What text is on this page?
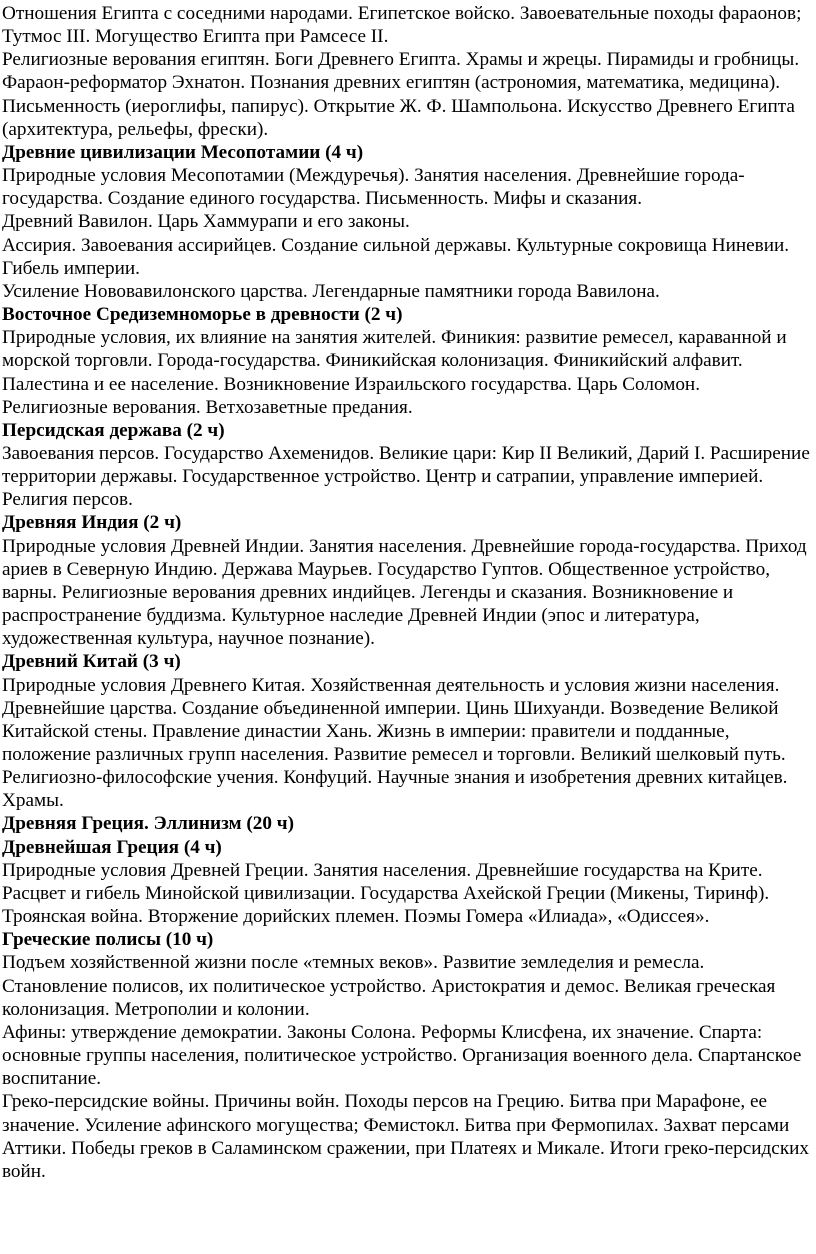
Отношения Египта с соседними народами. Египетское войско. Завоевательные походы фараонов; Тутмос III. Могущество Египта при Рамсесе II.

Религиозные верования египтян. Боги Древнего Египта. Храмы и жрецы. Пирамиды и гробницы. Фараон-реформатор Эхнатон. Познания древних египтян (астрономия, математика, медицина). Письменность (иероглифы, папирус). Открытие Ж. Ф. Шампольона. Искусство Древнего Египта (архитектура, рельефы, фрески).

Древние цивилизации Месопотамии (4 ч)

Природные условия Месопотамии (Междуречья). Занятия населения. Древнейшие города-государства. Создание единого государства. Письменность. Мифы и сказания.

Древний Вавилон. Царь Хаммурапи и его законы.

Ассирия. Завоевания ассирийцев. Создание сильной державы. Культурные сокровища Ниневии. Гибель империи.

Усиление Нововавилонского царства. Легендарные памятники города Вавилона.

Восточное Средиземноморье в древности (2 ч)

Природные условия, их влияние на занятия жителей. Финикия: развитие ремесел, караванной и морской торговли. Города-государства. Финикийская колонизация. Финикийский алфавит. Палестина и ее население. Возникновение Израильского государства. Царь Соломон. Религиозные верования. Ветхозаветные предания.

Персидская держава (2 ч)

Завоевания персов. Государство Ахеменидов. Великие цари: Кир II Великий, Дарий I. Расширение территории державы. Государственное устройство. Центр и сатрапии, управление империей. Религия персов.

Древняя Индия (2 ч)

Природные условия Древней Индии. Занятия населения. Древнейшие города-государства. Приход ариев в Северную Индию. Держава Маурьев. Государство Гуптов. Общественное устройство, варны. Религиозные верования древних индийцев. Легенды и сказания. Возникновение и распространение буддизма. Культурное наследие Древней Индии (эпос и литература, художественная культура, научное познание).

Древний Китай (3 ч)

Природные условия Древнего Китая. Хозяйственная деятельность и условия жизни населения. Древнейшие царства. Создание объединенной империи. Цинь Шихуанди. Возведение Великой Китайской стены. Правление династии Хань. Жизнь в империи: правители и подданные, положение различных групп населения. Развитие ремесел и торговли. Великий шелковый путь. Религиозно-философские учения. Конфуций. Научные знания и изобретения древних китайцев. Храмы.

Древняя Греция. Эллинизм (20 ч)

Древнейшая Греция (4 ч)

Природные условия Древней Греции. Занятия населения. Древнейшие государства на Крите. Расцвет и гибель Минойской цивилизации. Государства Ахейской Греции (Микены, Тиринф). Троянская война. Вторжение дорийских племен. Поэмы Гомера «Илиада», «Одиссея».

Греческие полисы (10 ч)

Подъем хозяйственной жизни после «темных веков». Развитие земледелия и ремесла. Становление полисов, их политическое устройство. Аристократия и демос. Великая греческая колонизация. Метрополии и колонии.

Афины: утверждение демократии. Законы Солона. Реформы Клисфена, их значение. Спарта: основные группы населения, политическое устройство. Организация военного дела. Спартанское воспитание.

Греко-персидские войны. Причины войн. Походы персов на Грецию. Битва при Марафоне, ее значение. Усиление афинского могущества; Фемистокл. Битва при Фермопилах. Захват персами Аттики. Победы греков в Саламинском сражении, при Платеях и Микале. Итоги греко-персидских войн.
